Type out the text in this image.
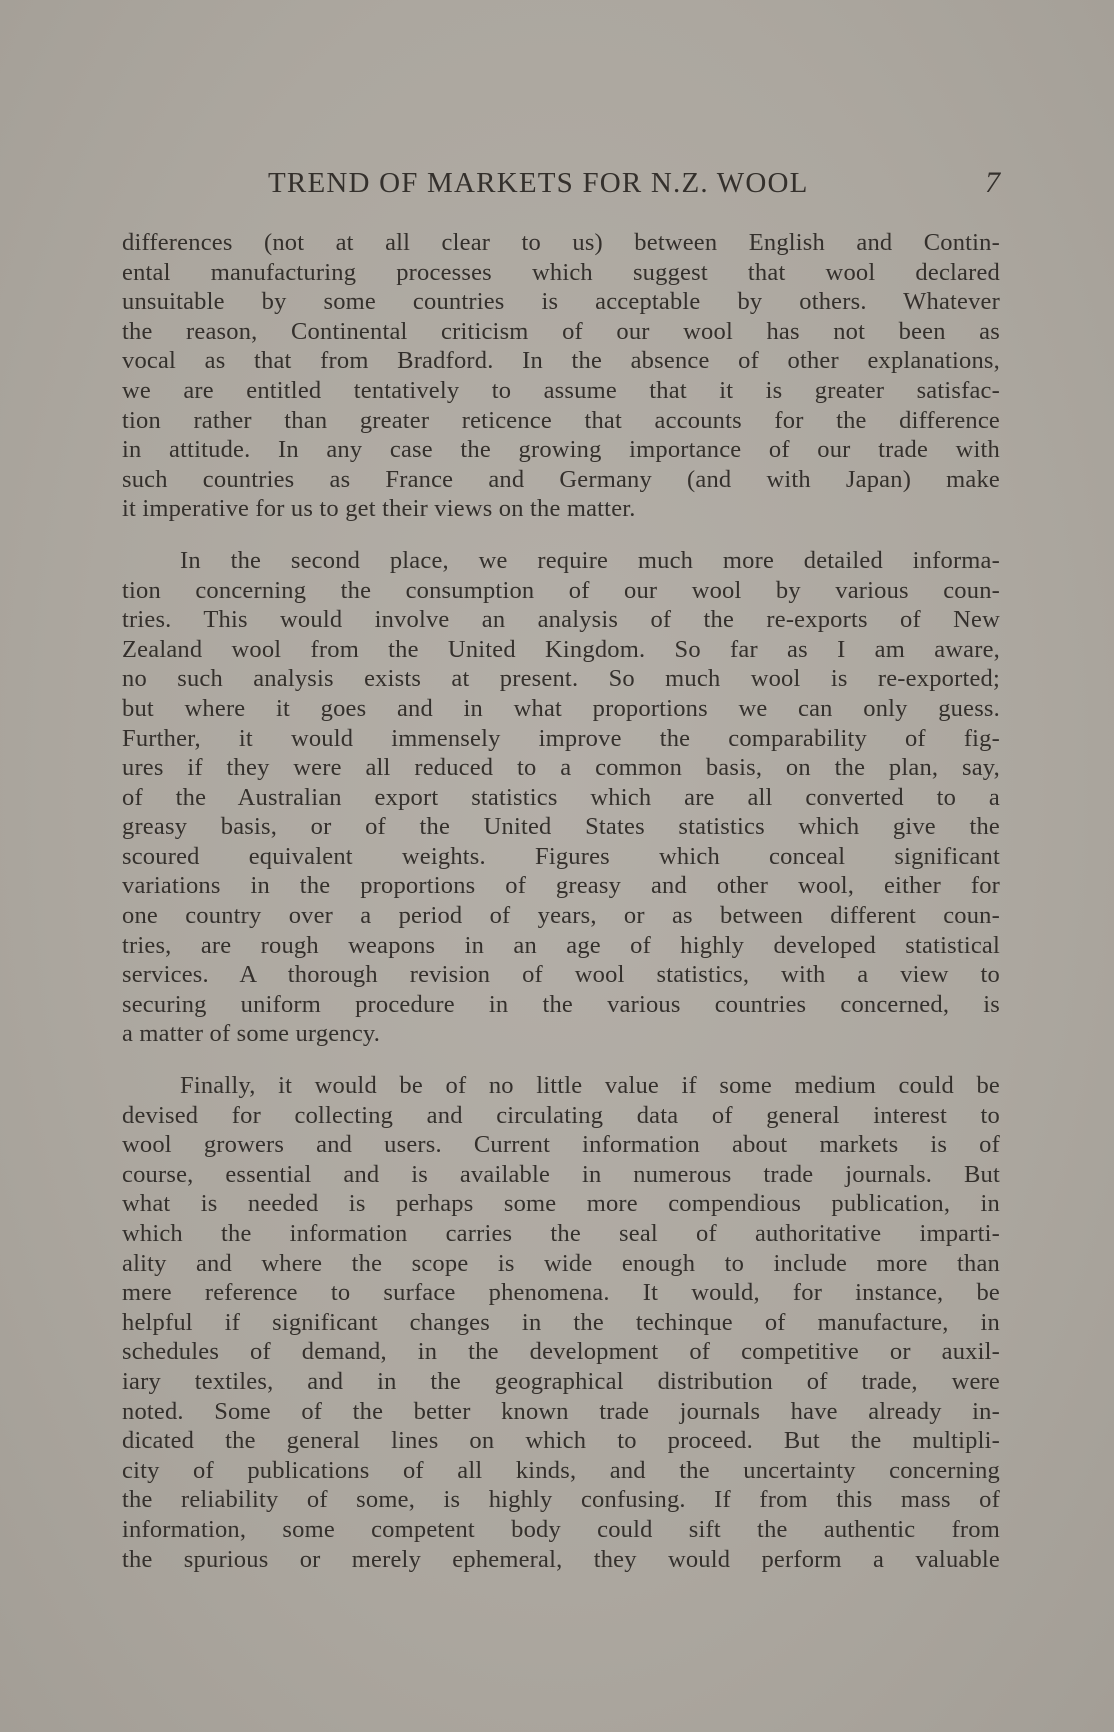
TREND OF MARKETS FOR N.Z. WOOL	7

differences (not at all clear to us) between English and Contin-
ental manufacturing processes which suggest that wool declared
unsuitable by some countries is acceptable by others. Whatever
the reason, Continental criticism of our wool has not been as
vocal as that from Bradford. In the absence of other explanations,
we are entitled tentatively to assume that it is greater satisfac-
tion rather than greater reticence that accounts for the difference
in attitude. In any case the growing importance of our trade with
such countries as France and Germany (and with Japan) make
it imperative for us to get their views on the matter.

In the second place, we require much more detailed informa-
tion concerning the consumption of our wool by various coun-
tries. This would involve an analysis of the re-exports of New
Zealand wool from the United Kingdom. So far as I am aware,
no such analysis exists at present. So much wool is re-exported;
but where it goes and in what proportions we can only guess.
Further, it would immensely improve the comparability of fig-
ures if they were all reduced to a common basis, on the plan, say,
of the Australian export statistics which are all converted to a
greasy basis, or of the United States statistics which give the
scoured equivalent weights. Figures which conceal significant
variations in the proportions of greasy and other wool, either for
one country over a period of years, or as between different coun-
tries, are rough weapons in an age of highly developed statistical
services. A thorough revision of wool statistics, with a view to
securing uniform procedure in the various countries concerned, is
a matter of some urgency.

Finally, it would be of no little value if some medium could be
devised for collecting and circulating data of general interest to
wool growers and users. Current information about markets is of
course, essential and is available in numerous trade journals. But
what is needed is perhaps some more compendious publication, in
which the information carries the seal of authoritative imparti-
ality and where the scope is wide enough to include more than
mere reference to surface phenomena. It would, for instance, be
helpful if significant changes in the techinque of manufacture, in
schedules of demand, in the development of competitive or auxil-
iary textiles, and in the geographical distribution of trade, were
noted. Some of the better known trade journals have already in-
dicated the general lines on which to proceed. But the multipli-
city of publications of all kinds, and the uncertainty concerning
the reliability of some, is highly confusing. If from this mass of
information, some competent body could sift the authentic from
the spurious or merely ephemeral, they would perform a valuable
